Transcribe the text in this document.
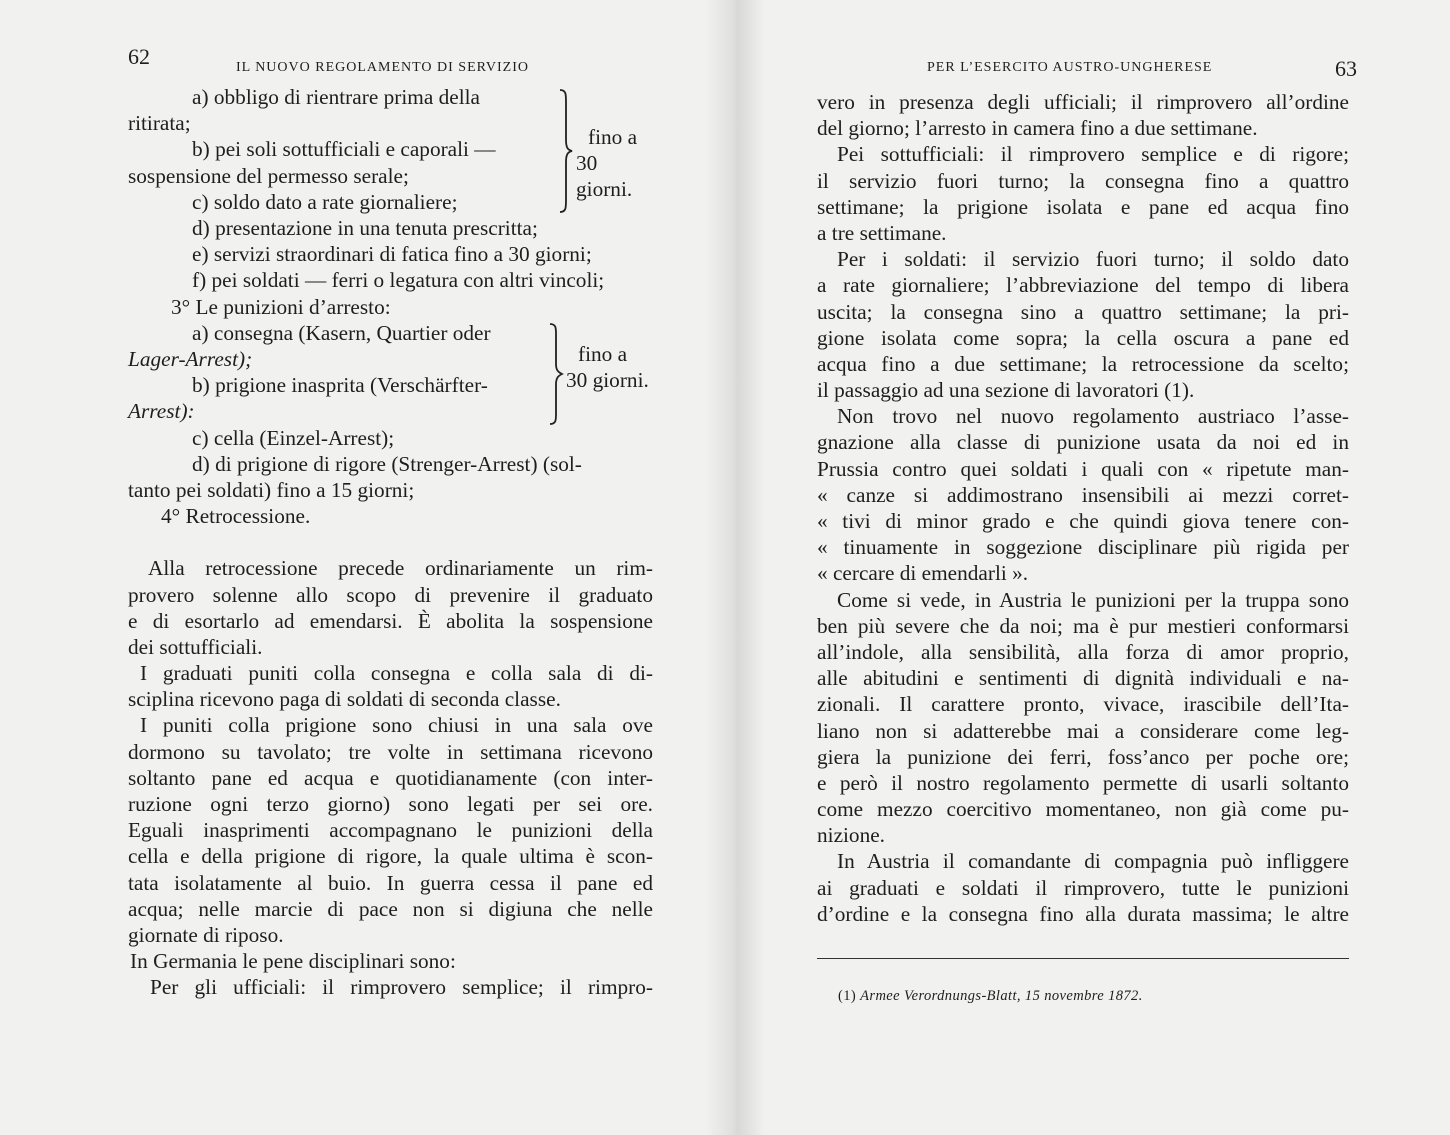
62	IL NUOVO REGOLAMENTO DI SERVIZIO
a) obbligo di rientrare prima della
ritirata;
b) pei soli sottufficiali e caporali —
sospensione del permesso serale;
c) soldo dato a rate giornaliere;
fino a
30 giorni.
d) presentazione in una tenuta prescritta;
e) servizi straordinari di fatica fino a 30 giorni;
f) pei soldati — ferri o legatura con altri vincoli;
3° Le punizioni d’arresto:
a) consegna (Kasern, Quartier oder
Lager-Arrest);
b) prigione inasprita (Verschärfter-
Arrest):
c) cella (Einzel-Arrest);
fino a
30 giorni.
d) di prigione di rigore (Strenger-Arrest) (sol-
tanto pei soldati) fino a 15 giorni;
4° Retrocessione.
Alla retrocessione precede ordinariamente un rim-
provero solenne allo scopo di prevenire il graduato
e di esortarlo ad emendarsi. È abolita la sospensione
dei sottufficiali.
I graduati puniti colla consegna e colla sala di di-
sciplina ricevono paga di soldati di seconda classe.
I puniti colla prigione sono chiusi in una sala ove
dormono su tavolato; tre volte in settimana ricevono
soltanto pane ed acqua e quotidianamente (con inter-
ruzione ogni terzo giorno) sono legati per sei ore.
Eguali inasprimenti accompagnano le punizioni della
cella e della prigione di rigore, la quale ultima è scon-
tata isolatamente al buio. In guerra cessa il pane ed
acqua; nelle marcie di pace non si digiuna che nelle
giornate di riposo.
In Germania le pene disciplinari sono:
Per gli ufficiali: il rimprovero semplice; il rimpro-
PER L’ESERCITO AUSTRO-UNGHERESE	63
vero in presenza degli ufficiali; il rimprovero all’ordine
del giorno; l’arresto in camera fino a due settimane.
Pei sottufficiali: il rimprovero semplice e di rigore;
il servizio fuori turno; la consegna fino a quattro
settimane; la prigione isolata e pane ed acqua fino
a tre settimane.
Per i soldati: il servizio fuori turno; il soldo dato
a rate giornaliere; l’abbreviazione del tempo di libera
uscita; la consegna sino a quattro settimane; la pri-
gione isolata come sopra; la cella oscura a pane ed
acqua fino a due settimane; la retrocessione da scelto;
il passaggio ad una sezione di lavoratori (1).
Non trovo nel nuovo regolamento austriaco l’asse-
gnazione alla classe di punizione usata da noi ed in
Prussia contro quei soldati i quali con « ripetute man-
« canze si addimostrano insensibili ai mezzi corret-
« tivi di minor grado e che quindi giova tenere con-
« tinuamente in soggezione disciplinare più rigida per
« cercare di emendarli ».
Come si vede, in Austria le punizioni per la truppa sono
ben più severe che da noi; ma è pur mestieri conformarsi
all’indole, alla sensibilità, alla forza di amor proprio,
alle abitudini e sentimenti di dignità individuali e na-
zionali. Il carattere pronto, vivace, irascibile dell’Ita-
liano non si adatterebbe mai a considerare come leg-
giera la punizione dei ferri, foss’anco per poche ore;
e però il nostro regolamento permette di usarli soltanto
come mezzo coercitivo momentaneo, non già come pu-
nizione.
In Austria il comandante di compagnia può infliggere
ai graduati e soldati il rimprovero, tutte le punizioni
d’ordine e la consegna fino alla durata massima; le altre
(1) Armee Verordnungs-Blatt, 15 novembre 1872.
